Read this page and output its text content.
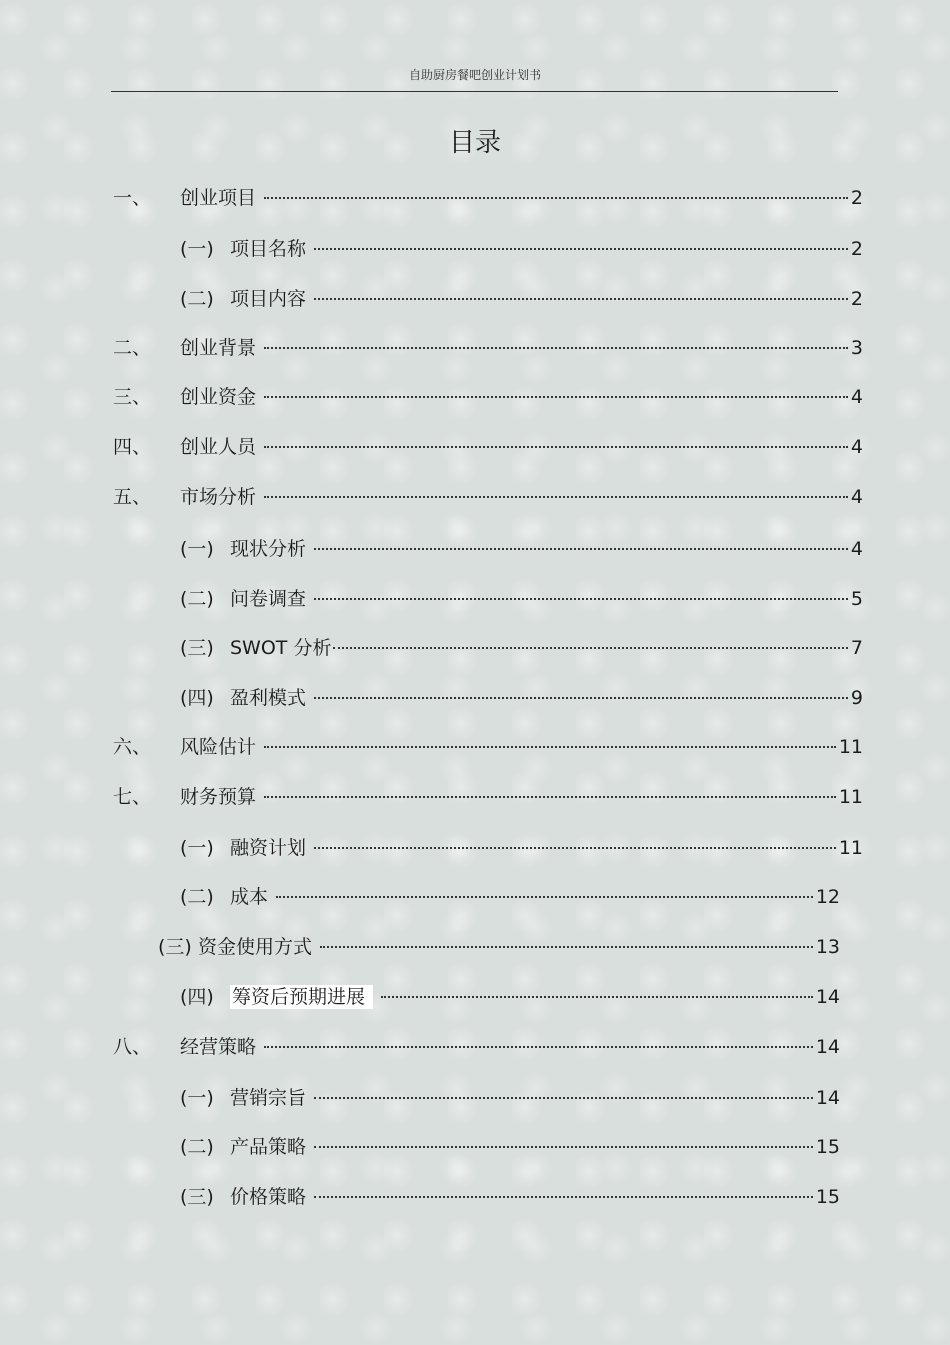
自助厨房餐吧创业计划书
目录
一、	创业项目	2
(一) 项目名称	2
(二) 项目内容	2
二、	创业背景	3
三、	创业资金	4
四、	创业人员	4
五、	市场分析	4
(一) 现状分析	4
(二) 问卷调查	5
(三) SWOT 分析	7
(四) 盈利模式	9
六、	风险估计	11
七、	财务预算	11
(一) 融资计划	11
(二) 成本	12
(三) 资金使用方式	13
(四) 筹资后预期进展	14
八、	经营策略	14
(一) 营销宗旨	14
(二) 产品策略	15
(三) 价格策略	15
